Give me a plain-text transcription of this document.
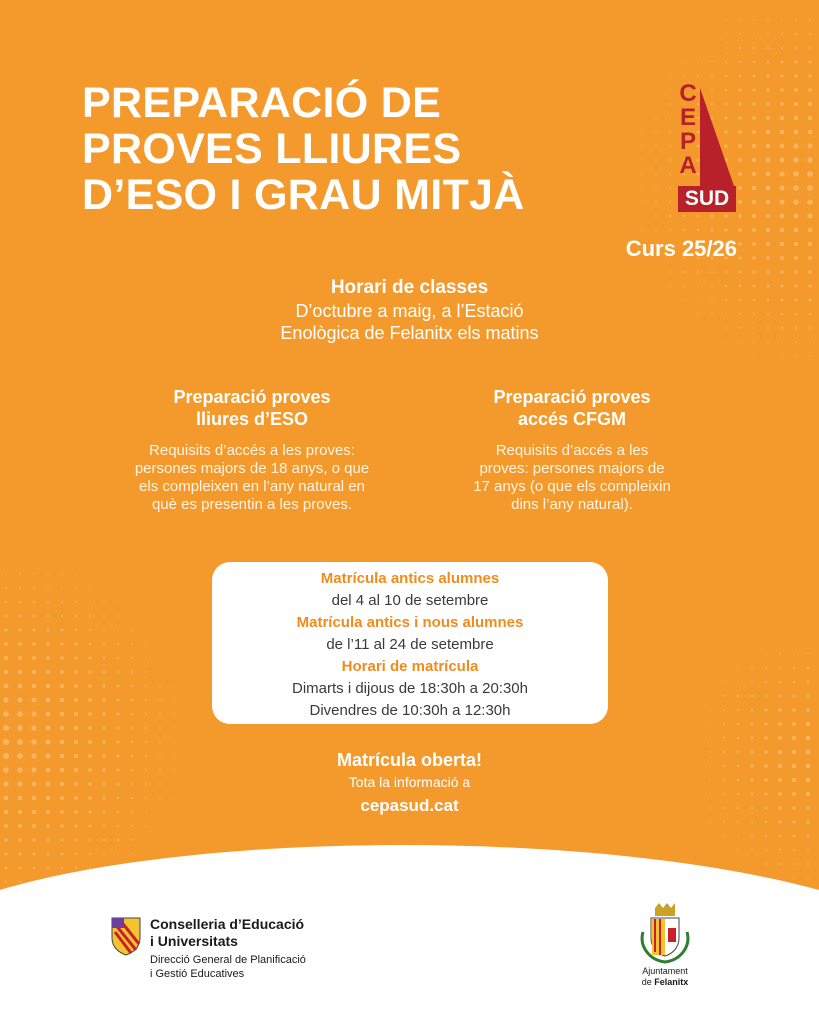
PREPARACIÓ DE
PROVES LLIURES
D’ESO I GRAU MITJÀ
C
E
P
A
SUD

Curs 25/26

Horari de classes

D’octubre a maig, a l’Estació

Enològica de Felanitx els matins

Preparació proves
lliures d’ESO

Requisits d’accés a les proves:
persones majors de 18 anys, o que
els compleixen en l’any natural en
què es presentin a les proves.

Preparació proves
accés CFGM

Requisits d’accés a les
proves: persones majors de
17 anys (o que els compleixin
dins l’any natural).

Matrícula antics alumnes

del 4 al 10 de setembre

Matrícula antics i nous alumnes

de l’11 al 24 de setembre

Horari de matrícula

Dimarts i dijous de 18:30h a 20:30h

Divendres de 10:30h a 12:30h

Matrícula oberta!

Tota la informació a

cepasud.cat

Conselleria d’Educació
i Universitats

Direcció General de Planificació
i Gestió Educatives	Ajuntament

de Felanitx
